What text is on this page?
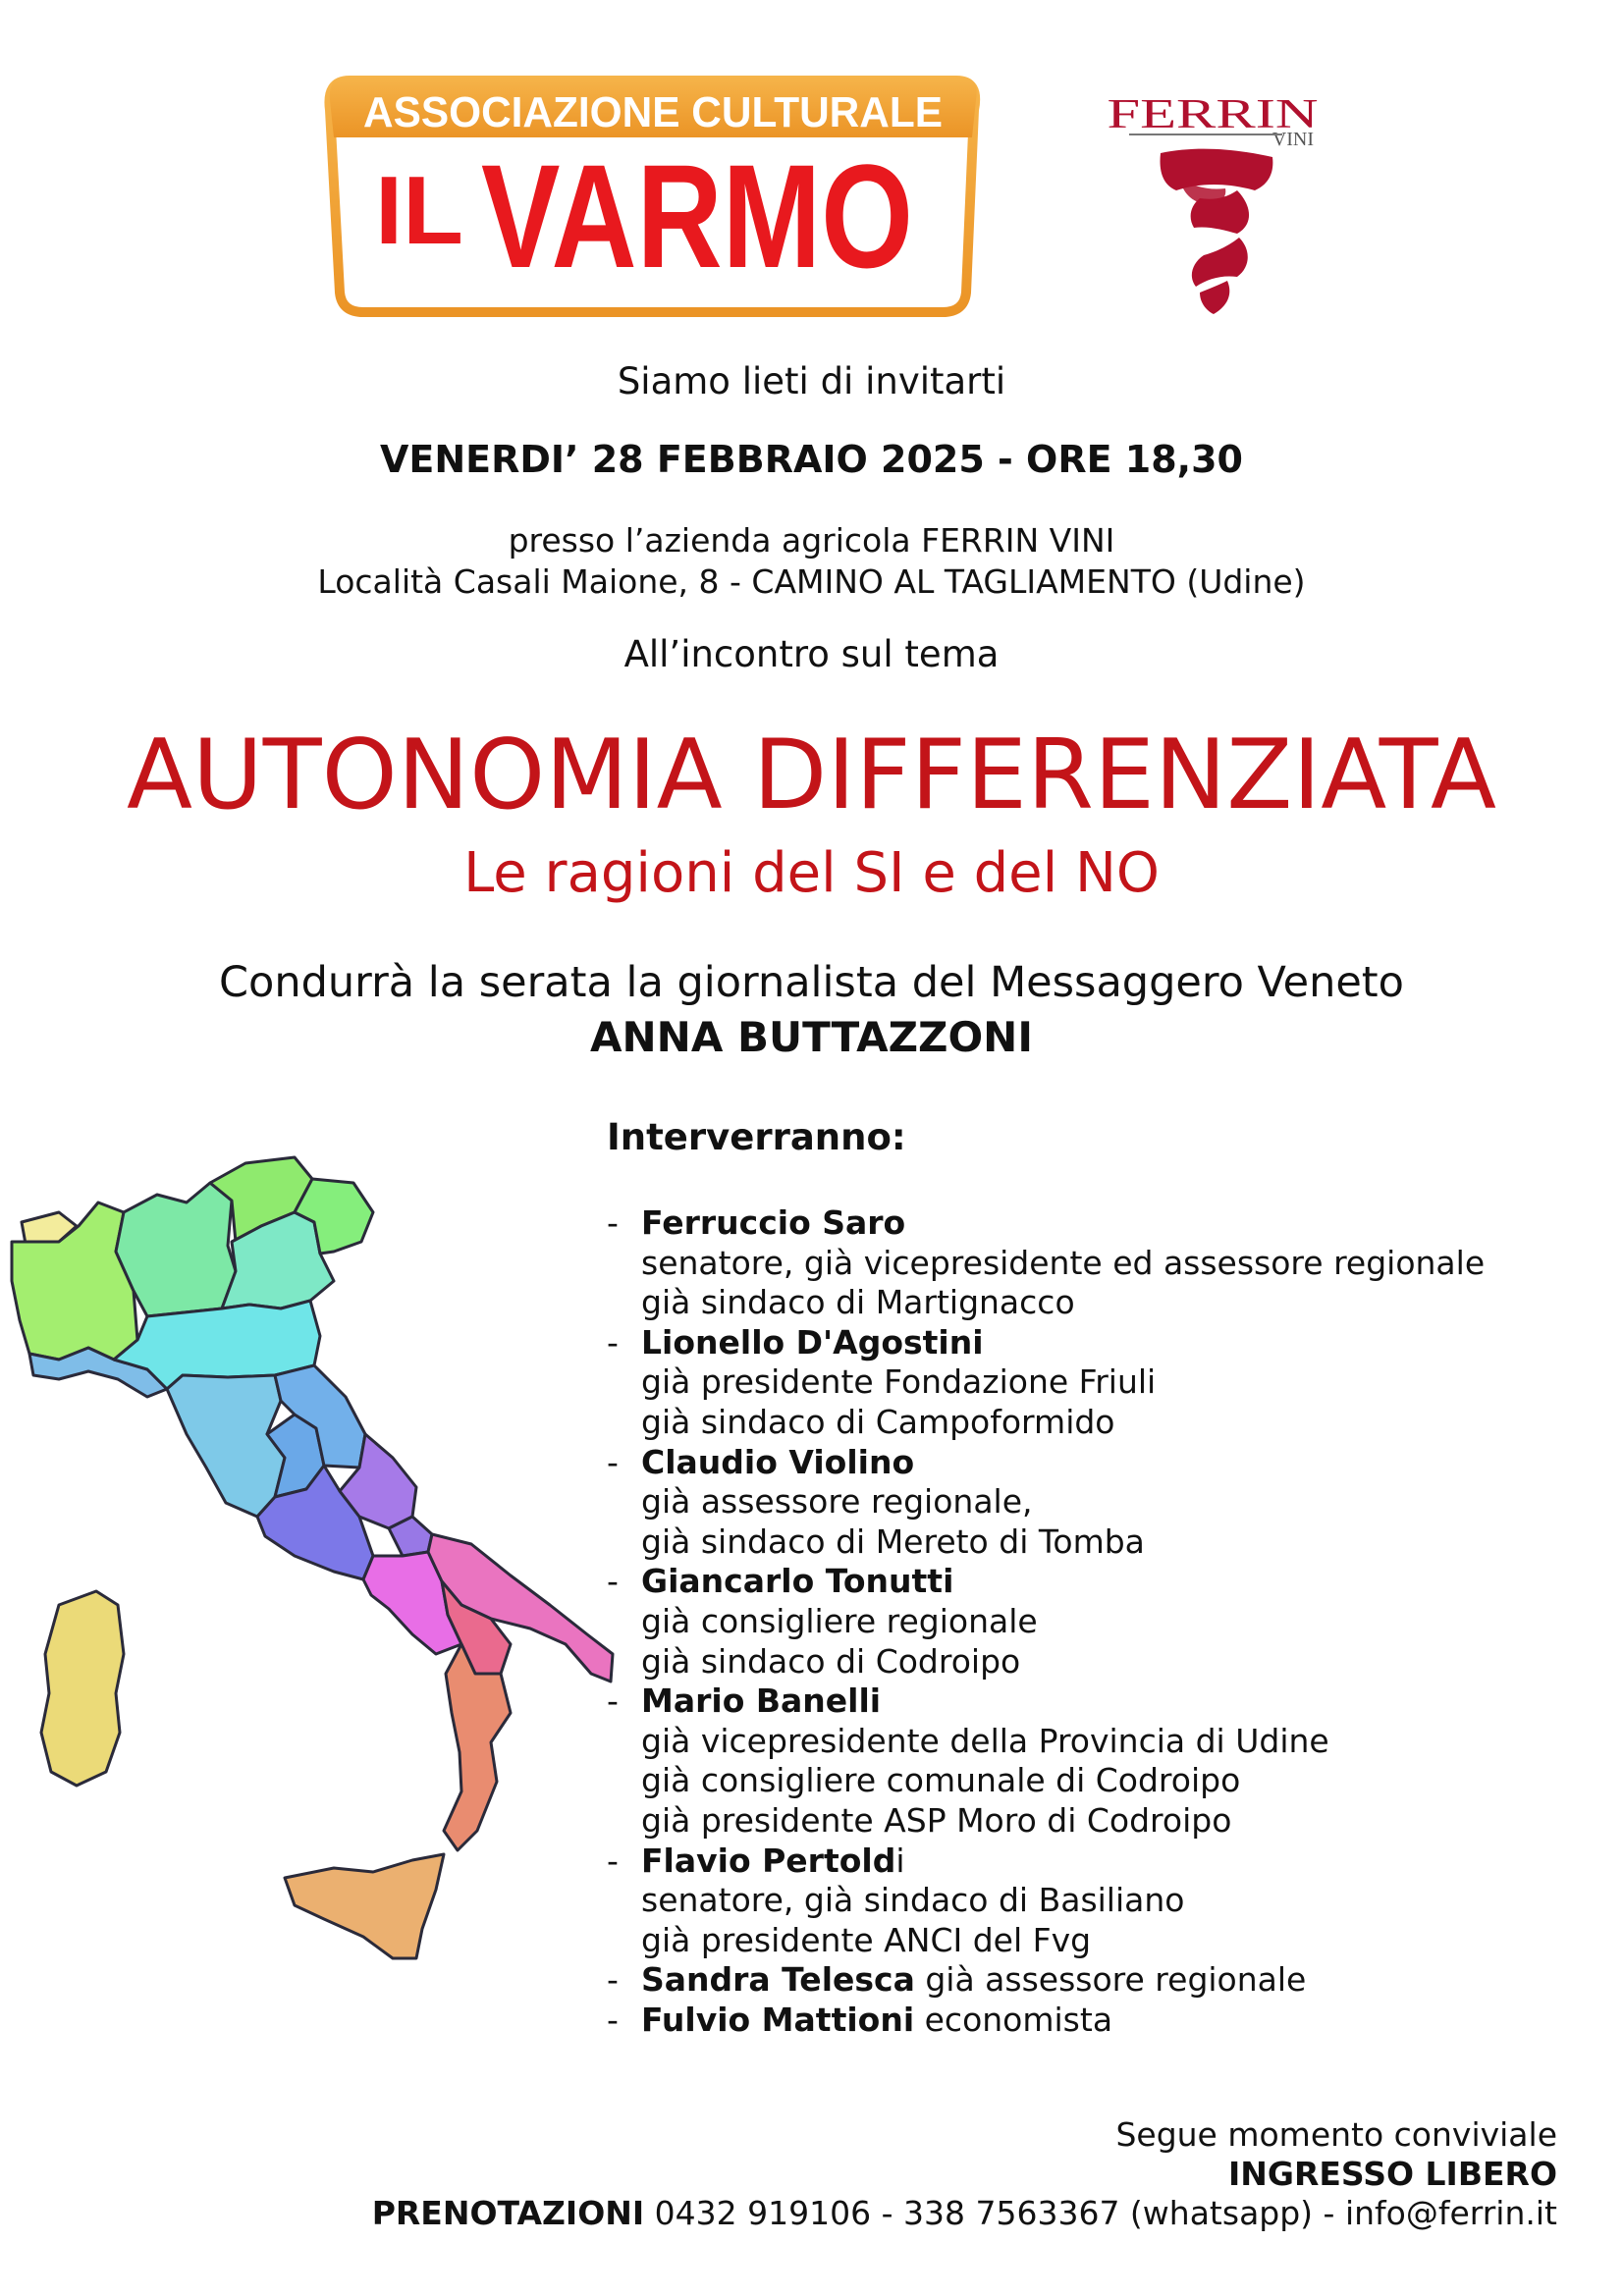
ASSOCIAZIONE CULTURALE
IL VARMO
FERRIN
VINI
Siamo lieti di invitarti
VENERDI’ 28 FEBBRAIO 2025 - ORE 18,30
presso l’azienda agricola FERRIN VINI
Località Casali Maione, 8 - CAMINO AL TAGLIAMENTO (Udine)
All’incontro sul tema
AUTONOMIA DIFFERENZIATA
Le ragioni del SI e del NO
Condurrà la serata la giornalista del Messaggero Veneto
ANNA BUTTAZZONI
Interverranno:
- Ferruccio Saro
senatore, già vicepresidente ed assessore regionale
già sindaco di Martignacco
- Lionello D'Agostini
già presidente Fondazione Friuli
già sindaco di Campoformido
- Claudio Violino
già assessore regionale,
già sindaco di Mereto di Tomba
- Giancarlo Tonutti
già consigliere regionale
già sindaco di Codroipo
- Mario Banelli
già vicepresidente della Provincia di Udine
già consigliere comunale di Codroipo
già presidente ASP Moro di Codroipo
- Flavio Pertoldi
senatore, già sindaco di Basiliano
già presidente ANCI del Fvg
- Sandra Telesca già assessore regionale
- Fulvio Mattioni economista
Segue momento conviviale
INGRESSO LIBERO
PRENOTAZIONI 0432 919106 - 338 7563367 (whatsapp) - info@ferrin.it
